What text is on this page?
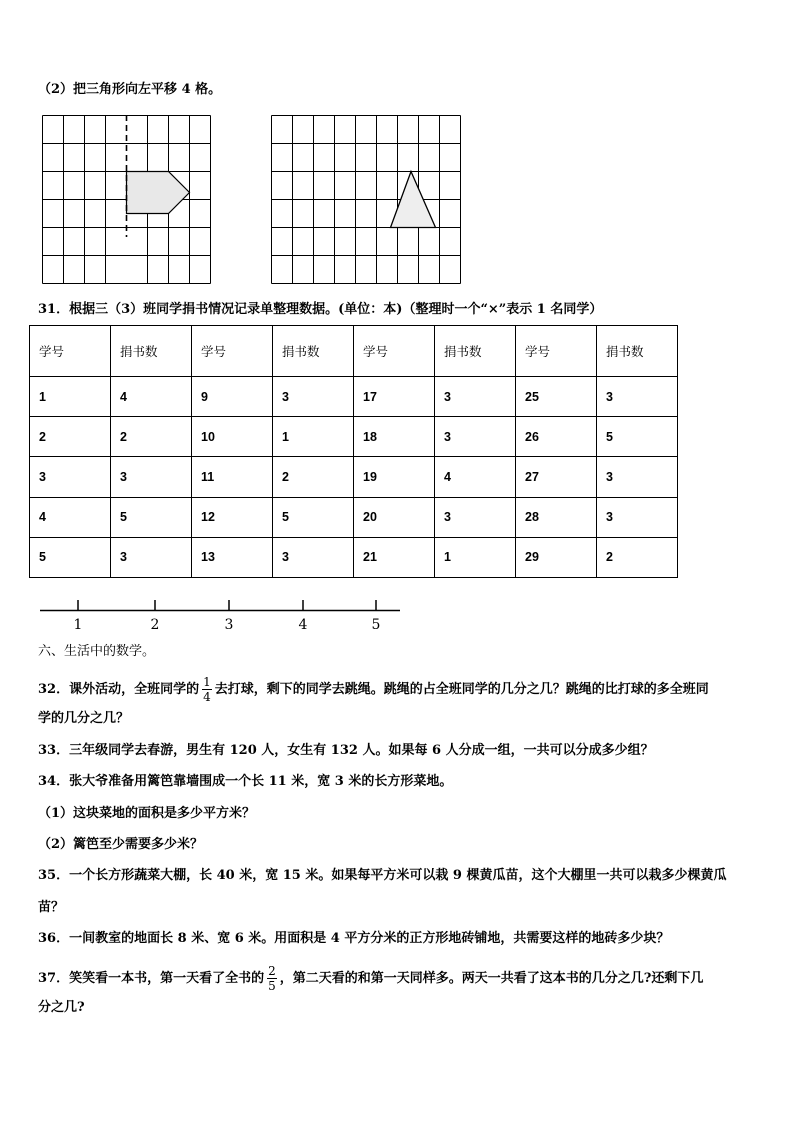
（2）把三角形向左平移 4 格。
31．根据三（3）班同学捐书情况记录单整理数据。(单位：本)（整理时一个“×”表示 1 名同学）
学号	捐书数	学号	捐书数	学号	捐书数	学号	捐书数
1	4	9	3	17	3	25	3
2	2	10	1	18	3	26	5
3	3	11	2	19	4	27	3
4	5	12	5	20	3	28	3
5	3	13	3	21	1	29	2
1	2	3	4	5
六、生活中的数学。
32．课外活动，全班同学的 $\frac{1}{4}$ 去打球，剩下的同学去跳绳。跳绳的占全班同学的几分之几？跳绳的比打球的多全班同
学的几分之几？
33．三年级同学去春游，男生有 120 人，女生有 132 人。如果每 6 人分成一组，一共可以分成多少组？
34．张大爷准备用篱笆靠墙围成一个长 11 米，宽 3 米的长方形菜地。
（1）这块菜地的面积是多少平方米？
（2）篱笆至少需要多少米？
35．一个长方形蔬菜大棚，长 40 米，宽 15 米。如果每平方米可以栽 9 棵黄瓜苗，这个大棚里一共可以栽多少棵黄瓜
苗？
36．一间教室的地面长 8 米、宽 6 米。用面积是 4 平方分米的正方形地砖铺地，共需要这样的地砖多少块？
37．笑笑看一本书，第一天看了全书的 $\frac{2}{5}$ ，第二天看的和第一天同样多。两天一共看了这本书的几分之几?还剩下几
分之几?
